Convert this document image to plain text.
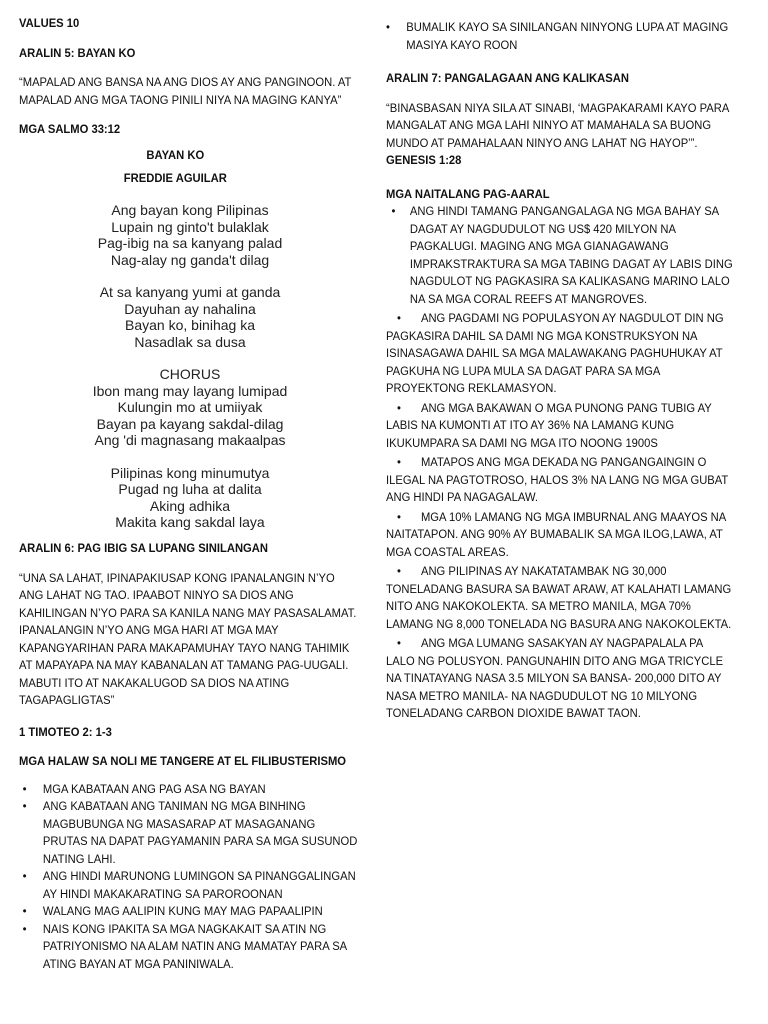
VALUES 10

ARALIN 5: BAYAN KO

“MAPALAD ANG BANSA NA ANG DIOS AY ANG PANGINOON. AT MAPALAD ANG MGA TAONG PINILI NIYA NA MAGING KANYA”

MGA SALMO 33:12

BAYAN KO

FREDDIE AGUILAR

Ang bayan kong Pilipinas
Lupain ng ginto't bulaklak
Pag-ibig na sa kanyang palad
Nag-alay ng ganda't dilag
At sa kanyang yumi at ganda
Dayuhan ay nahalina
Bayan ko, binihag ka
Nasadlak sa dusa
CHORUS
Ibon mang may layang lumipad
Kulungin mo at umiiyak
Bayan pa kayang sakdal-dilag
Ang 'di magnasang makaalpas
Pilipinas kong minumutya
Pugad ng luha at dalita
Aking adhika
Makita kang sakdal laya

ARALIN 6: PAG IBIG SA LUPANG SINILANGAN

“UNA SA LAHAT, IPINAPAKIUSAP KONG IPANALANGIN N’YO ANG LAHAT NG TAO. IPAABOT NINYO SA DIOS ANG KAHILINGAN N’YO PARA SA KANILA NANG MAY PASASALAMAT. IPANALANGIN N’YO ANG MGA HARI AT MGA MAY KAPANGYARIHAN PARA MAKAPAMUHAY TAYO NANG TAHIMIK AT MAPAYAPA NA MAY KABANALAN AT TAMANG PAG-UUGALI. MABUTI ITO AT NAKAKALUGOD SA DIOS NA ATING TAGAPAGLIGTAS”

1 TIMOTEO 2: 1-3

MGA HALAW SA NOLI ME TANGERE AT EL FILIBUSTERISMO

• MGA KABATAAN ANG PAG ASA NG BAYAN
• ANG KABATAAN ANG TANIMAN NG MGA BINHING MAGBUBUNGA NG MASASARAP AT MASAGANANG PRUTAS NA DAPAT PAGYAMANIN PARA SA MGA SUSUNOD NATING LAHI.
• ANG HINDI MARUNONG LUMINGON SA PINANGGALINGAN AY HINDI MAKAKARATING SA PAROROONAN
• WALANG MAG AALIPIN KUNG MAY MAG PAPAALIPIN
• NAIS KONG IPAKITA SA MGA NAGKAKAIT SA ATIN NG PATRIYONISMO NA ALAM NATIN ANG MAMATAY PARA SA ATING BAYAN AT MGA PANINIWALA.
• BUMALIK KAYO SA SINILANGAN NINYONG LUPA AT MAGING MASIYA KAYO ROON

ARALIN 7: PANGALAGAAN ANG KALIKASAN

“BINASBASAN NIYA SILA AT SINABI, ‘MAGPAKARAMI KAYO PARA MANGALAT ANG MGA LAHI NINYO AT MAMAHALA SA BUONG MUNDO AT PAMAHALAAN NINYO ANG LAHAT NG HAYOP’”.

GENESIS 1:28

MGA NAITALANG PAG-AARAL

• ANG HINDI TAMANG PANGANGALAGA NG MGA BAHAY SA DAGAT AY NAGDUDULOT NG US$ 420 MILYON NA PAGKALUGI. MAGING ANG MGA GIANAGAWANG IMPRAKSTRAKTURA SA MGA TABING DAGAT AY LABIS DING NAGDULOT NG PAGKASIRA SA KALIKASANG MARINO LALO NA SA MGA CORAL REEFS AT MANGROVES.
•	ANG PAGDAMI NG POPULASYON AY NAGDULOT DIN NG PAGKASIRA DAHIL SA DAMI NG MGA KONSTRUKSYON NA ISINASAGAWA DAHIL SA MGA MALAWAKANG PAGHUHUKAY AT PAGKUHA NG LUPA MULA SA DAGAT PARA SA MGA PROYEKTONG REKLAMASYON.
•	ANG MGA BAKAWAN O MGA PUNONG PANG TUBIG AY LABIS NA KUMONTI AT ITO AY 36% NA LAMANG KUNG IKUKUMPARA SA DAMI NG MGA ITO NOONG 1900S
•	MATAPOS ANG MGA DEKADA NG PANGANGAINGIN O ILEGAL NA PAGTOTROSO, HALOS 3% NA LANG NG MGA GUBAT ANG HINDI PA NAGAGALAW.
•	MGA 10% LAMANG NG MGA IMBURNAL ANG MAAYOS NA NAITATAPON. ANG 90% AY BUMABALIK SA MGA ILOG,LAWA, AT MGA COASTAL AREAS.
•	ANG PILIPINAS AY NAKATATAMBAK NG 30,000 TONELADANG BASURA SA BAWAT ARAW, AT KALAHATI LAMANG NITO ANG NAKOKOLEKTA. SA METRO MANILA, MGA 70% LAMANG NG 8,000 TONELADA NG BASURA ANG NAKOKOLEKTA.
•	ANG MGA LUMANG SASAKYAN AY NAGPAPALALA PA LALO NG POLUSYON. PANGUNAHIN DITO ANG MGA TRICYCLE NA TINATAYANG NASA 3.5 MILYON SA BANSA- 200,000 DITO AY NASA METRO MANILA- NA NAGDUDULOT NG 10 MILYONG TONELADANG CARBON DIOXIDE BAWAT TAON.
